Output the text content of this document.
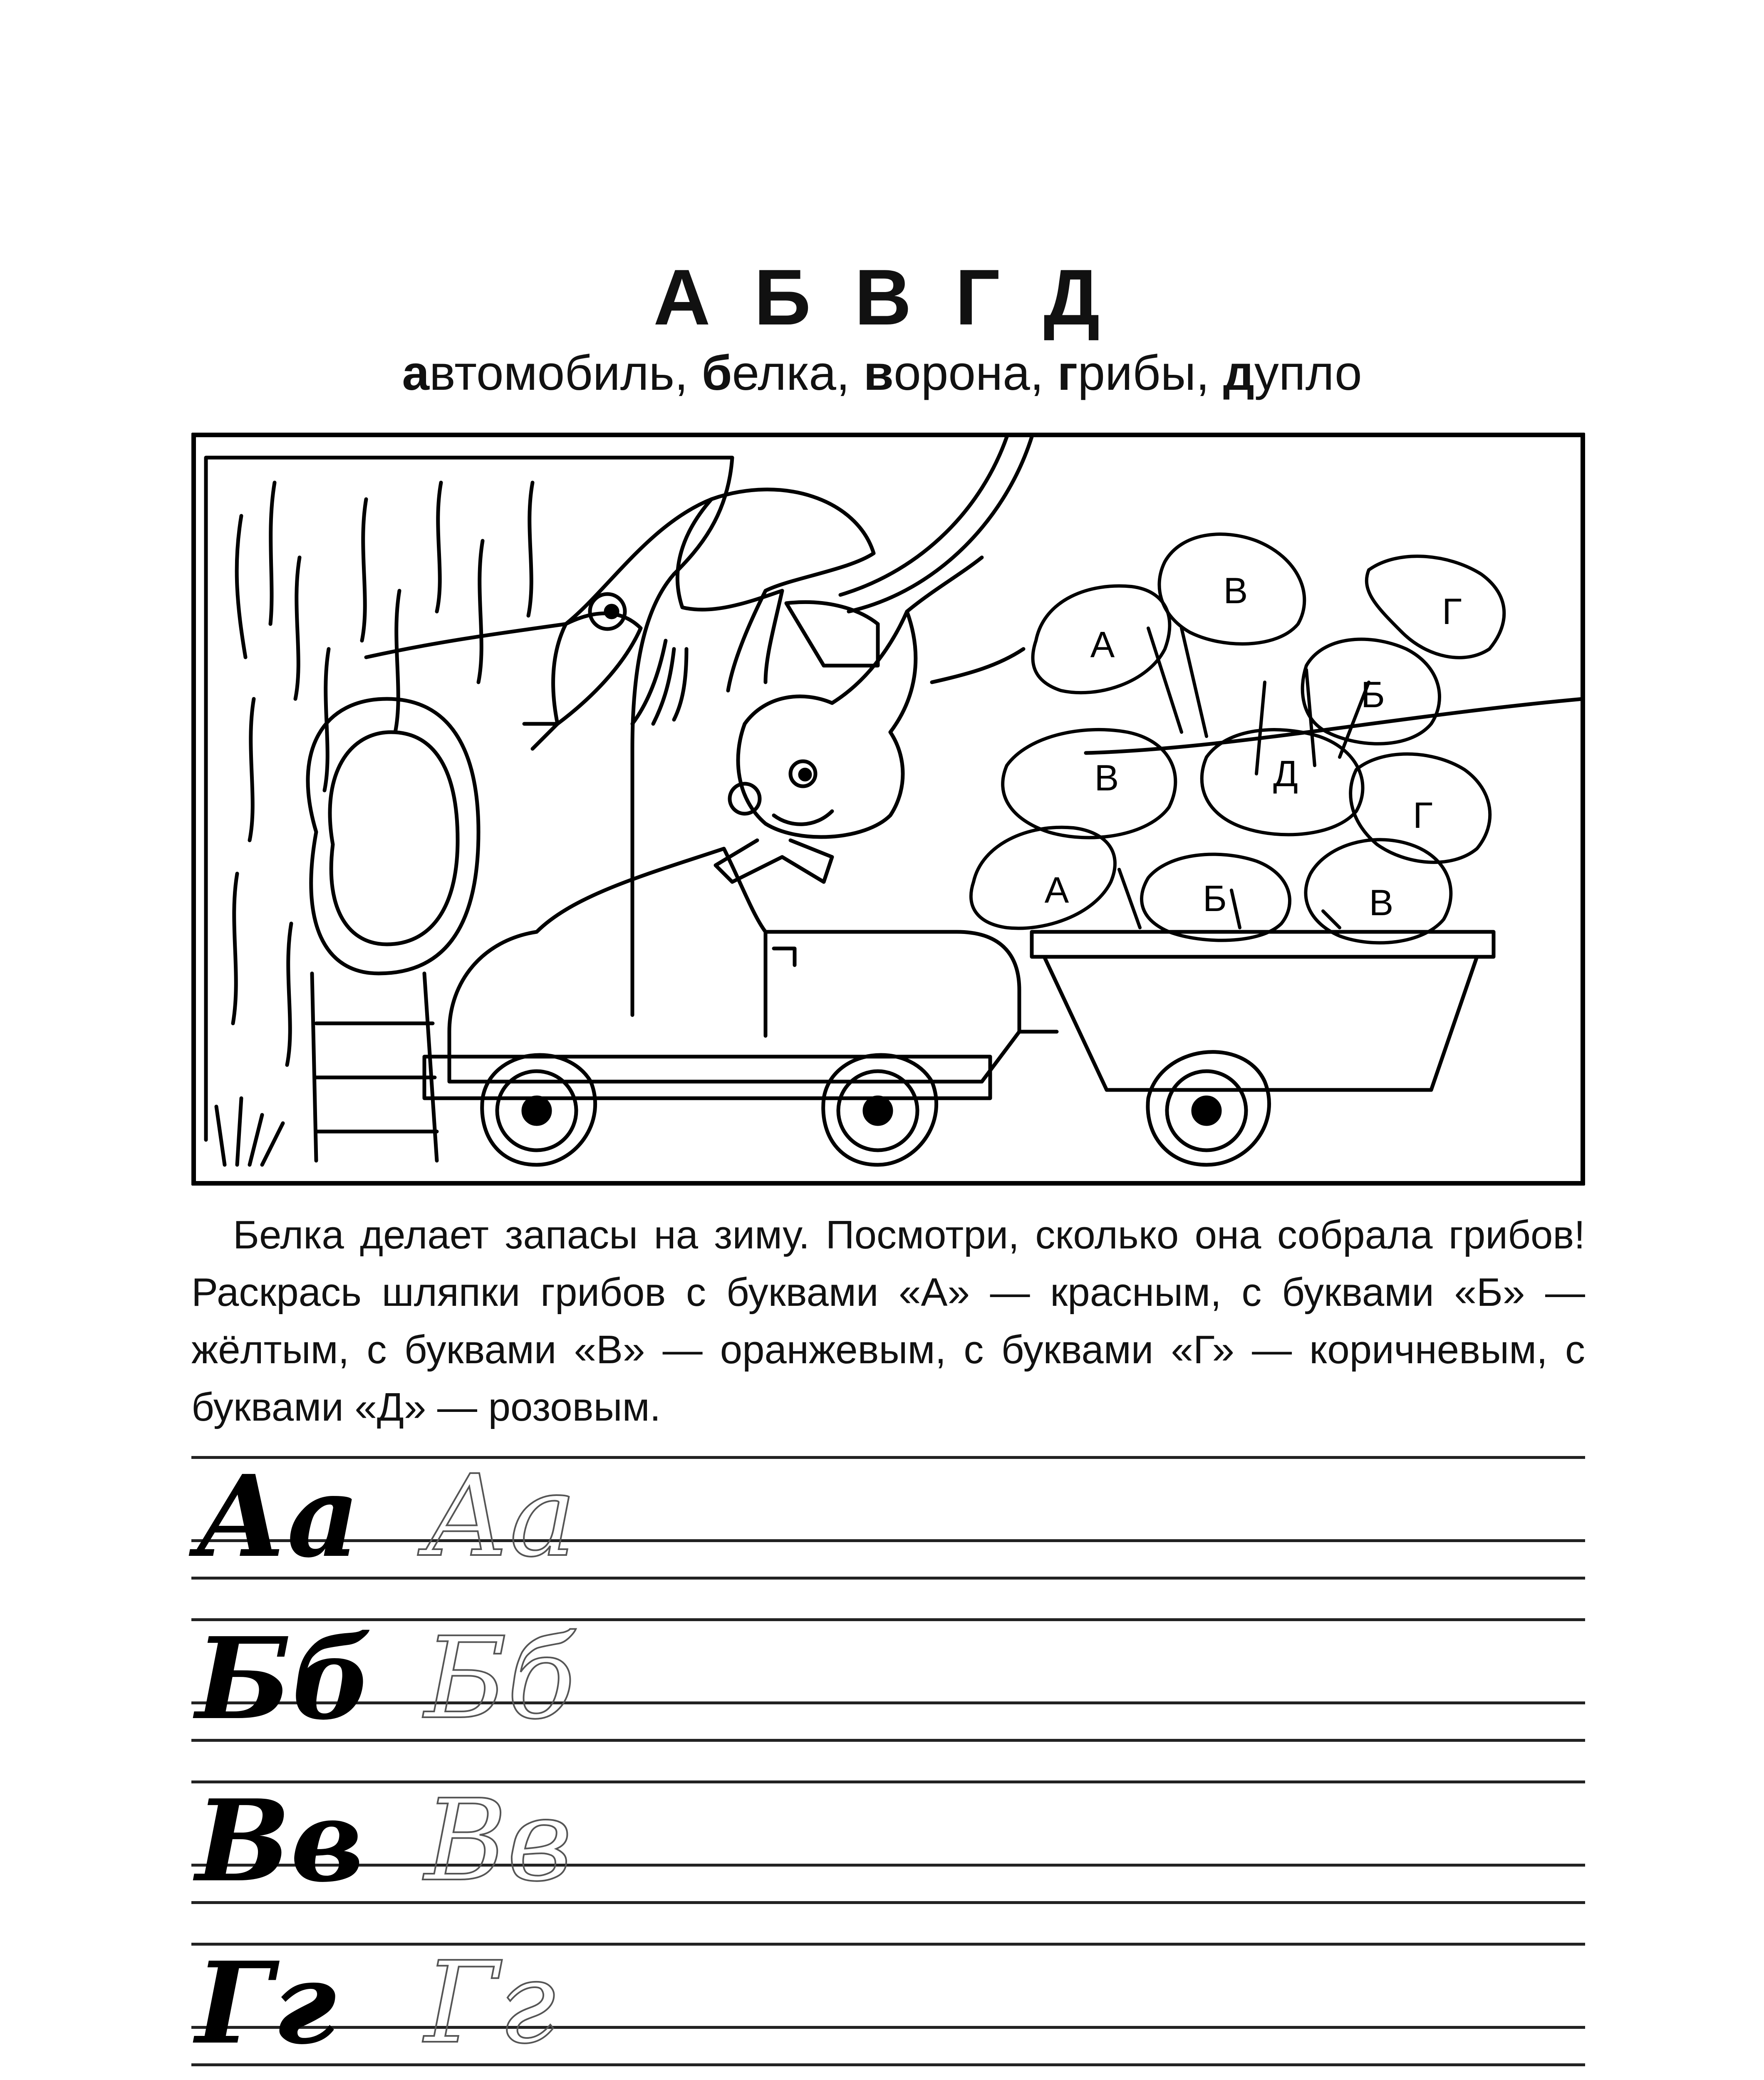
А Б В Г Д
автомобиль, белка, ворона, грибы, дупло
А
В
Г
Б
А
В	Д
Г
Б	В

Белка делает запасы на зиму. Посмотри, сколько она собрала грибов! Раскрась шляпки грибов с буквами «А» — красным, с буквами «Б» — жёлтым, с буквами «В» — оранжевым, с буквами «Г» — коричневым, с буквами «Д» — розовым.

Аа Аа
Бб Бб
Вв Вв
Гг Гг
